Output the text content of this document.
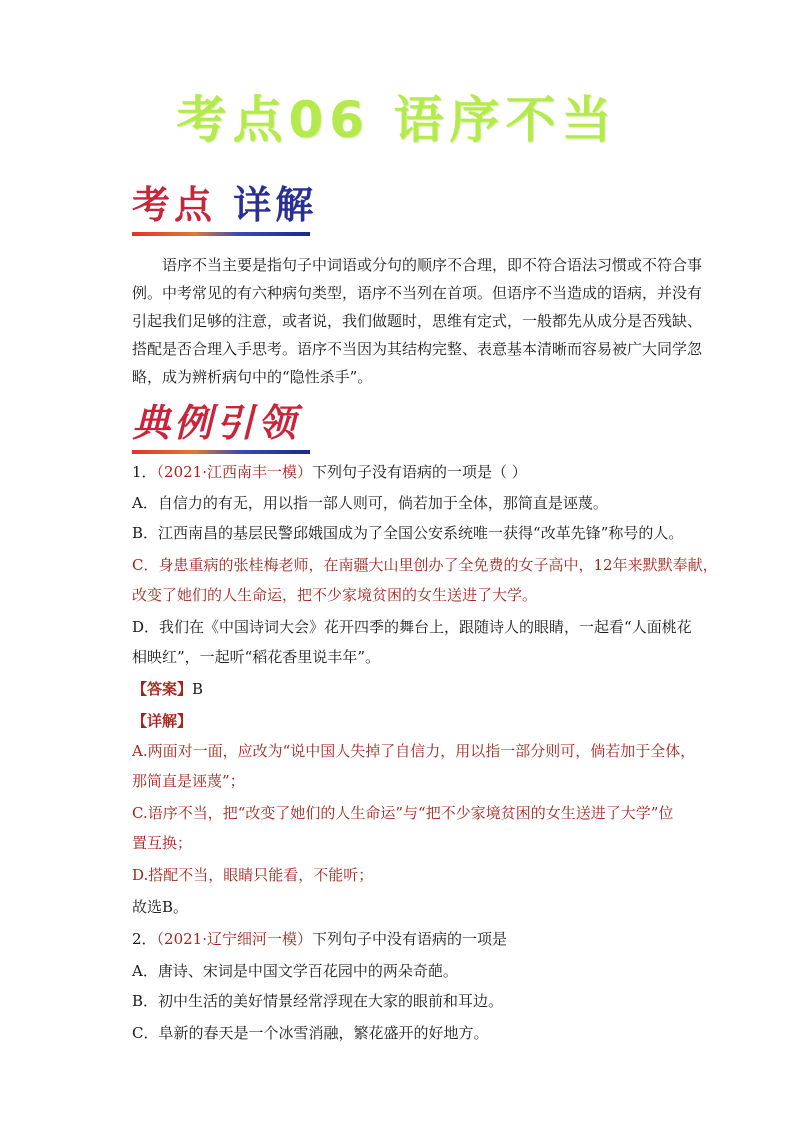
考点06 语序不当
考点 详解
语序不当主要是指句子中词语或分句的顺序不合理，即不符合语法习惯或不符合事
例。中考常见的有六种病句类型，语序不当列在首项。但语序不当造成的语病，并没有
引起我们足够的注意，或者说，我们做题时，思维有定式，一般都先从成分是否残缺、
搭配是否合理入手思考。语序不当因为其结构完整、表意基本清晰而容易被广大同学忽
略，成为辨析病句中的“隐性杀手”。
典例引领
1．（2021·江西南丰一模）下列句子没有语病的一项是（ ）
A．自信力的有无，用以指一部人则可，倘若加于全体，那简直是诬蔑。
B．江西南昌的基层民警邱娥国成为了全国公安系统唯一获得“改革先锋”称号的人。
C．身患重病的张桂梅老师，在南疆大山里创办了全免费的女子高中，12年来默默奉献，
改变了她们的人生命运，把不少家境贫困的女生送进了大学。
D．我们在《中国诗词大会》花开四季的舞台上，跟随诗人的眼睛，一起看“人面桃花
相映红”，一起听“稻花香里说丰年”。
【答案】B
【详解】
A.两面对一面，应改为“说中国人失掉了自信力，用以指一部分则可，倘若加于全体，
那简直是诬蔑”；
C.语序不当，把“改变了她们的人生命运”与“把不少家境贫困的女生送进了大学”位
置互换；
D.搭配不当，眼睛只能看，不能听；
故选B。
2．（2021·辽宁细河一模）下列句子中没有语病的一项是
A．唐诗、宋词是中国文学百花园中的两朵奇葩。
B．初中生活的美好情景经常浮现在大家的眼前和耳边。
C．阜新的春天是一个冰雪消融，繁花盛开的好地方。
